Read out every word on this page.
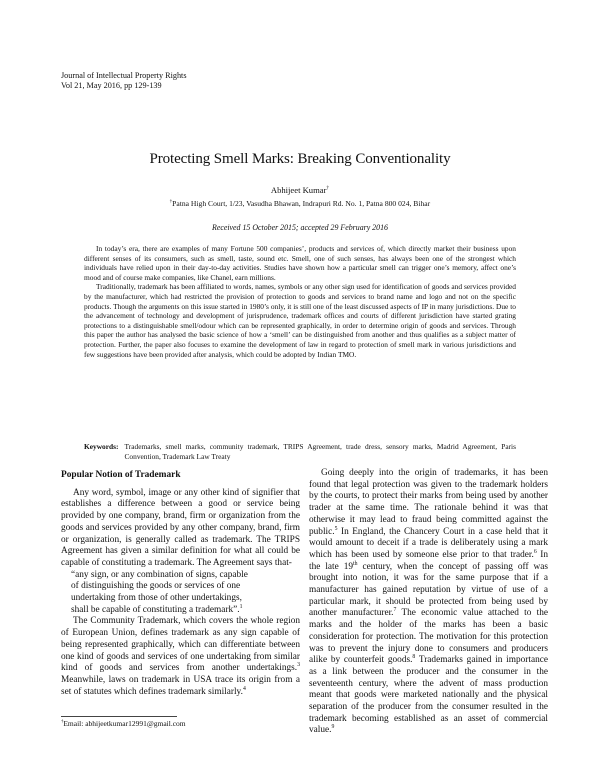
Journal of Intellectual Property Rights
Vol 21, May 2016, pp 129-139
Protecting Smell Marks: Breaking Conventionality
Abhijeet Kumar†
†Patna High Court, 1/23, Vasudha Bhawan, Indrapuri Rd. No. 1, Patna 800 024, Bihar
Received 15 October 2015; accepted 29 February 2016

In today’s era, there are examples of many Fortune 500 companies’, products and services of, which directly market their business upon different senses of its consumers, such as smell, taste, sound etc. Smell, one of such senses, has always been one of the strongest which individuals have relied upon in their day-to-day activities. Studies have shown how a particular smell can trigger one’s memory, affect one’s mood and of course make companies, like Chanel, earn millions.

Traditionally, trademark has been affiliated to words, names, symbols or any other sign used for identification of goods and services provided by the manufacturer, which had restricted the provision of protection to goods and services to brand name and logo and not on the specific products. Though the arguments on this issue started in 1980’s only, it is still one of the least discussed aspects of IP in many jurisdictions. Due to the advancement of technology and development of jurisprudence, trademark offices and courts of different jurisdiction have started grating protections to a distinguishable smell/odour which can be represented graphically, in order to determine origin of goods and services. Through this paper the author has analysed the basic science of how a ‘smell’ can be distinguished from another and thus qualifies as a subject matter of protection. Further, the paper also focuses to examine the development of law in regard to protection of smell mark in various jurisdictions and few suggestions have been provided after analysis, which could be adopted by Indian TMO.

Keywords: Trademarks, smell marks, community trademark, TRIPS Agreement, trade dress, sensory marks, Madrid Agreement, Paris Convention, Trademark Law Treaty
Popular Notion of Trademark

Any word, symbol, image or any other kind of signifier that establishes a difference between a good or service being provided by one company, brand, firm or organization from the goods and services provided by any other company, brand, firm or organization, is generally called as trademark. The TRIPS Agreement has given a similar definition for what all could be capable of constituting a trademark. The Agreement says that-

“any sign, or any combination of signs, capable
of distinguishing the goods or services of one
undertaking from those of other undertakings,
shall be capable of constituting a trademark”.$^1$

The Community Trademark, which covers the whole region of European Union, defines trademark as any sign capable of being represented graphically, which can differentiate between one kind of goods and services of one undertaking from similar kind of goods and services from another undertakings.$^3$ Meanwhile, laws on trademark in USA trace its origin from a set of statutes which defines trademark similarly.$^4$

Going deeply into the origin of trademarks, it has been found that legal protection was given to the trademark holders by the courts, to protect their marks from being used by another trader at the same time. The rationale behind it was that otherwise it may lead to fraud being committed against the public.$^5$ In England, the Chancery Court in a case held that it would amount to deceit if a trade is deliberately using a mark which has been used by someone else prior to that trader.$^6$ In the late 19th century, when the concept of passing off was brought into notion, it was for the same purpose that if a manufacturer has gained reputation by virtue of use of a particular mark, it should be protected from being used by another manufacturer.$^7$ The economic value attached to the marks and the holder of the marks has been a basic consideration for protection. The motivation for this protection was to prevent the injury done to consumers and producers alike by counterfeit goods.$^8$ Trademarks gained in importance as a link between the producer and the consumer in the seventeenth century, where the advent of mass production meant that goods were marketed nationally and the physical separation of the producer from the consumer resulted in the trademark becoming established as an asset of commercial value.$^9$

†Email: abhijeetkumar12991@gmail.com
